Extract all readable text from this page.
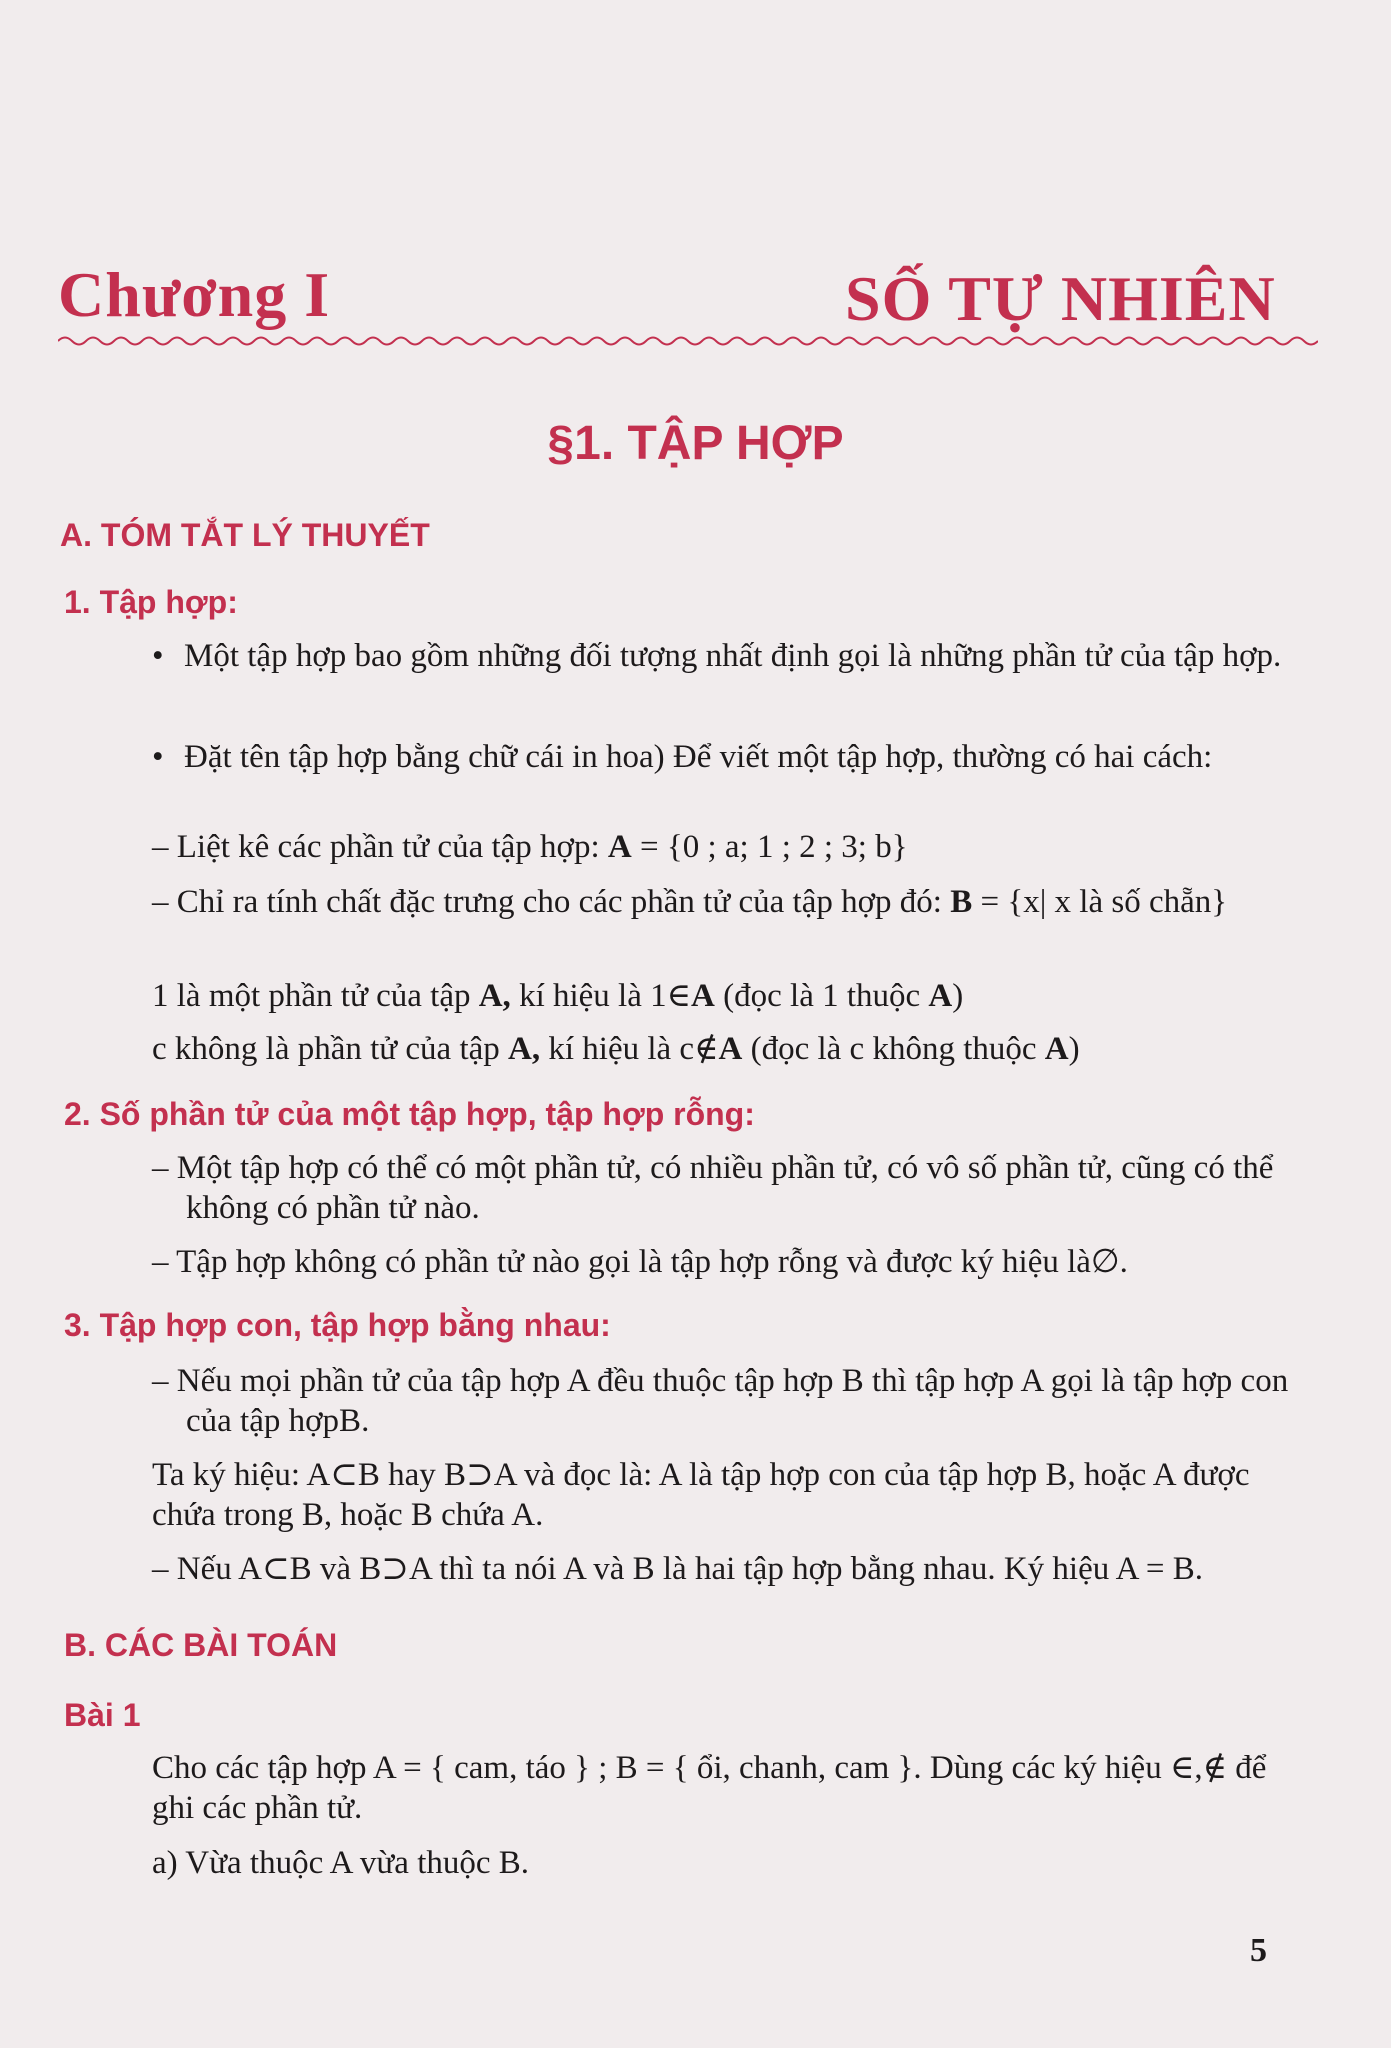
Chương I	SỐ TỰ NHIÊN
§1. TẬP HỢP
A. TÓM TẮT LÝ THUYẾT
1. Tập hợp:
• Một tập hợp bao gồm những đối tượng nhất định gọi là những phần tử của tập hợp.
• Đặt tên tập hợp bằng chữ cái in hoa) Để viết một tập hợp, thường có hai cách:
– Liệt kê các phần tử của tập hợp: A = {0 ; a; 1 ; 2 ; 3; b}
– Chỉ ra tính chất đặc trưng cho các phần tử của tập hợp đó: B = {x| x là số chẵn}
1 là một phần tử của tập A, kí hiệu là 1∈A (đọc là 1 thuộc A)
c không là phần tử của tập A, kí hiệu là c∉A (đọc là c không thuộc A)
2. Số phần tử của một tập hợp, tập hợp rỗng:
– Một tập hợp có thể có một phần tử, có nhiều phần tử, có vô số phần tử, cũng có thể không có phần tử nào.
– Tập hợp không có phần tử nào gọi là tập hợp rỗng và được ký hiệu là∅.
3. Tập hợp con, tập hợp bằng nhau:
– Nếu mọi phần tử của tập hợp A đều thuộc tập hợp B thì tập hợp A gọi là tập hợp con của tập hợpB.
Ta ký hiệu: A⊂B hay B⊃A và đọc là: A là tập hợp con của tập hợp B, hoặc A được chứa trong B, hoặc B chứa A.
– Nếu A⊂B và B⊃A thì ta nói A và B là hai tập hợp bằng nhau. Ký hiệu A = B.
B. CÁC BÀI TOÁN
Bài 1
Cho các tập hợp A = { cam, táo } ; B = { ổi, chanh, cam }. Dùng các ký hiệu ∈,∉ để ghi các phần tử.
a) Vừa thuộc A vừa thuộc B.
5
